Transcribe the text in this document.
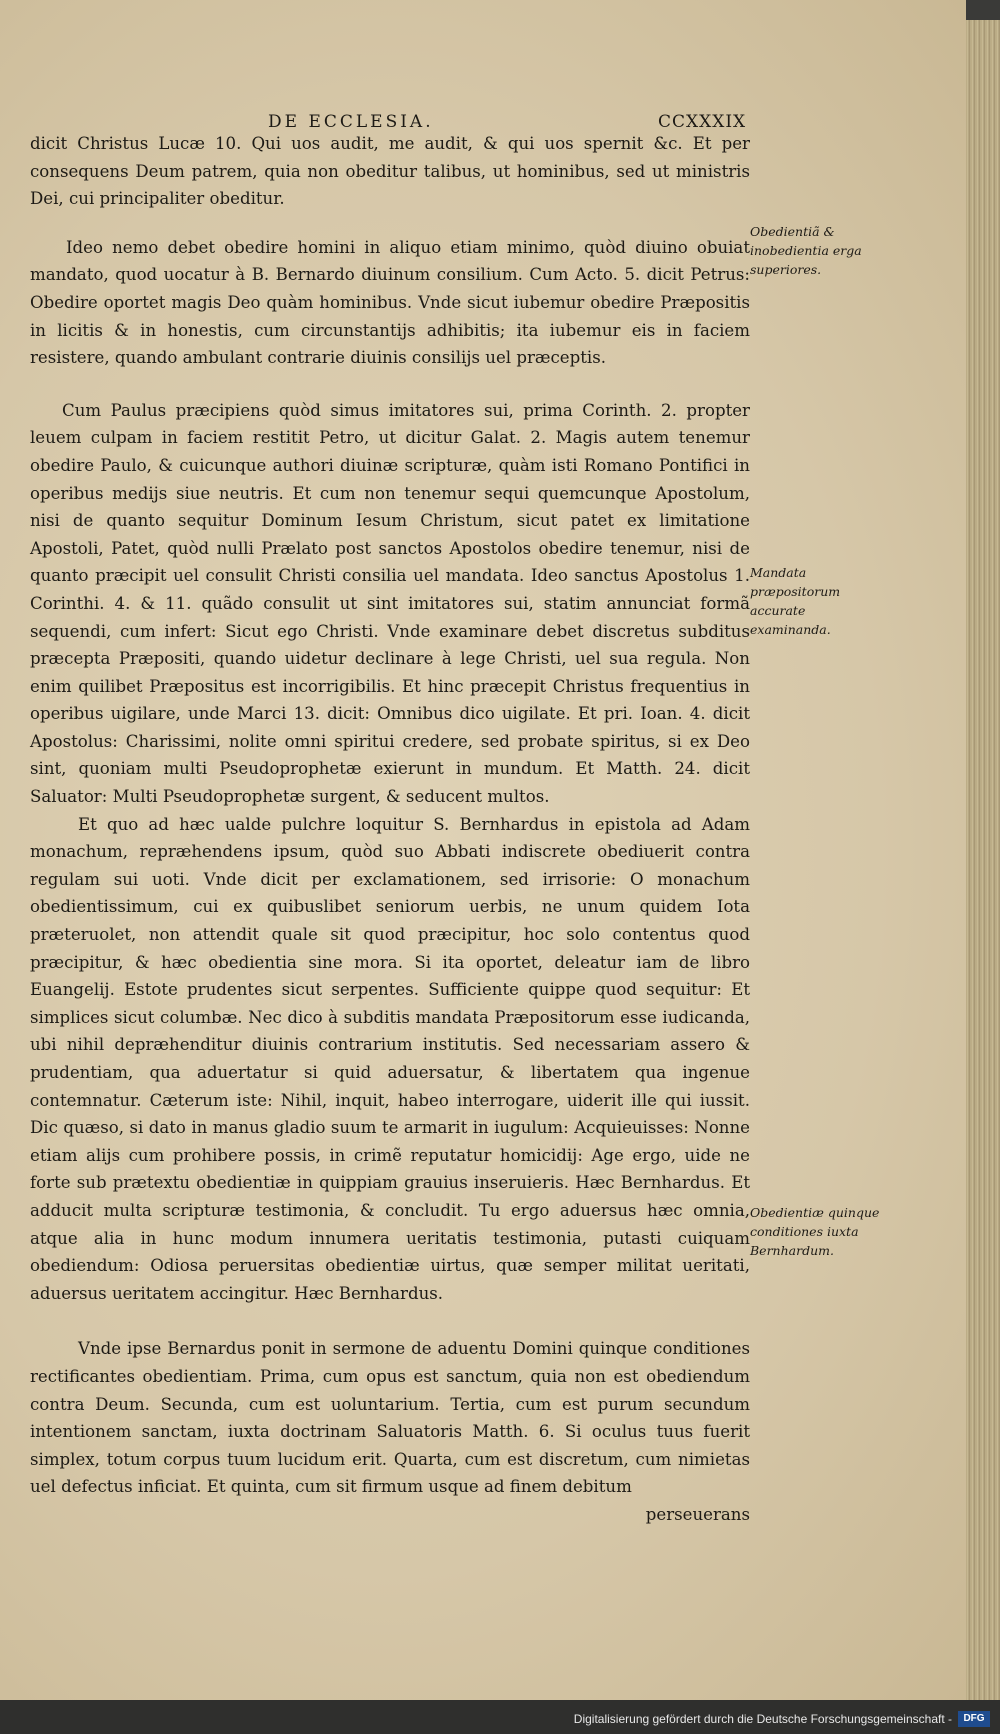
DE ECCLESIA.	CCXXXIX

dicit Christus Lucæ 10. Qui uos audit, me audit, & qui uos spernit &c. Et per consequens Deum patrem, quia non obeditur talibus, ut hominibus, sed ut ministris Dei, cui principaliter obeditur.

Ideo nemo debet obedire homini in aliquo etiam minimo, quòd diuino obuiat mandato, quod uocatur à B. Bernardo diuinum consilium. Cum Acto. 5. dicit Petrus: Obedire oportet magis Deo quàm hominibus. Vnde sicut iubemur obedire Præpositis in licitis & in honestis, cum circunstantijs adhibitis; ita iubemur eis in faciem resistere, quando ambulant contrarie diuinis consilijs uel præceptis.

Cum Paulus præcipiens quòd simus imitatores sui, prima Corinth. 2. propter leuem culpam in faciem restitit Petro, ut dicitur Galat. 2. Magis autem tenemur obedire Paulo, & cuicunque authori diuinæ scripturæ, quàm isti Romano Pontifici in operibus medijs siue neutris. Et cum non tenemur sequi quemcunque Apostolum, nisi de quanto sequitur Dominum Iesum Christum, sicut patet ex limitatione Apostoli, Patet, quòd nulli Prælato post sanctos Apostolos obedire tenemur, nisi de quanto præcipit uel consulit Christi consilia uel mandata. Ideo sanctus Apostolus 1. Corinthi. 4. & 11. quãdo consulit ut sint imitatores sui, statim annunciat formã sequendi, cum infert: Sicut ego Christi. Vnde examinare debet discretus subditus præcepta Præpositi, quando uidetur declinare à lege Christi, uel sua regula. Non enim quilibet Præpositus est incorrigibilis. Et hinc præcepit Christus frequentius in operibus uigilare, unde Marci 13. dicit: Omnibus dico uigilate. Et pri. Ioan. 4. dicit Apostolus: Charissimi, nolite omni spiritui credere, sed probate spiritus, si ex Deo sint, quoniam multi Pseudoprophetæ exierunt in mundum. Et Matth. 24. dicit Saluator: Multi Pseudoprophetæ surgent, & seducent multos.

Et quo ad hæc ualde pulchre loquitur S. Bernhardus in epistola ad Adam monachum, repræhendens ipsum, quòd suo Abbati indiscrete obediuerit contra regulam sui uoti. Vnde dicit per exclamationem, sed irrisorie: O monachum obedientissimum, cui ex quibuslibet seniorum uerbis, ne unum quidem Iota præteruolet, non attendit quale sit quod præcipitur, hoc solo contentus quod præcipitur, & hæc obedientia sine mora. Si ita oportet, deleatur iam de libro Euangelij. Estote prudentes sicut serpentes. Sufficiente quippe quod sequitur: Et simplices sicut columbæ. Nec dico à subditis mandata Præpositorum esse iudicanda, ubi nihil depræhenditur diuinis contrarium institutis. Sed necessariam assero & prudentiam, qua aduertatur si quid aduersatur, & libertatem qua ingenue contemnatur. Cæterum iste: Nihil, inquit, habeo interrogare, uiderit ille qui iussit. Dic quæso, si dato in manus gladio suum te armarit in iugulum: Acquieuisses: Nonne etiam alijs cum prohibere possis, in crimẽ reputatur homicidij: Age ergo, uide ne forte sub prætextu obedientiæ in quippiam grauius inseruieris. Hæc Bernhardus. Et adducit multa scripturæ testimonia, & concludit. Tu ergo aduersus hæc omnia, atque alia in hunc modum innumera ueritatis testimonia, putasti cuiquam obediendum: Odiosa peruersitas obedientiæ uirtus, quæ semper militat ueritati, aduersus ueritatem accingitur. Hæc Bernhardus.

Vnde ipse Bernardus ponit in sermone de aduentu Domini quinque conditiones rectificantes obedientiam. Prima, cum opus est sanctum, quia non est obediendum contra Deum. Secunda, cum est uoluntarium. Tertia, cum est purum secundum intentionem sanctam, iuxta doctrinam Saluatoris Matth. 6. Si oculus tuus fuerit simplex, totum corpus tuum lucidum erit. Quarta, cum est discretum, cum nimietas uel defectus inficiat. Et quinta, cum sit firmum usque ad finem debitum

perseuerans

Obedientiã & inobedientia erga superiores.
Mandata præpositorum accurate examinanda.
Obedientiæ quinque conditiones iuxta Bernhardum.
Digitalisierung gefördert durch die Deutsche Forschungsgemeinschaft -	DFG
